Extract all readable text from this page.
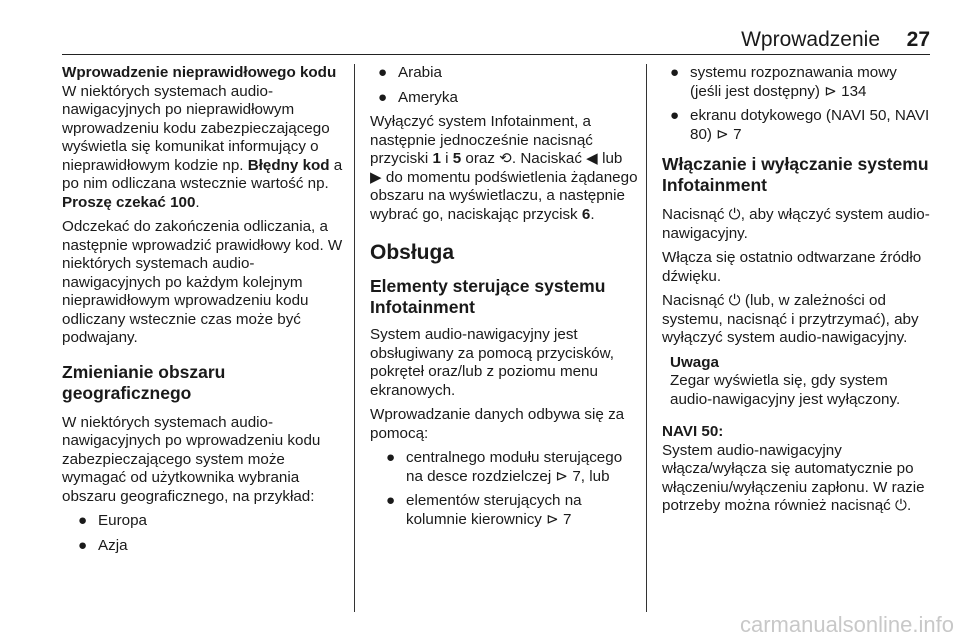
Wprowadzenie 27
Wprowadzenie nieprawidłowego kodu

W niektórych systemach audio-nawigacyjnych po nieprawidłowym wprowadzeniu kodu zabezpieczającego wyświetla się komunikat informujący o nieprawidłowym kodzie np. Błędny kod a po nim odliczana wstecznie wartość np. Proszę czekać 100.

Odczekać do zakończenia odliczania, a następnie wprowadzić prawidłowy kod. W niektórych systemach audio-nawigacyjnych po każdym kolejnym nieprawidłowym wprowadzeniu kodu odliczany wstecznie czas może być podwajany.

Zmienianie obszaru geograficznego

W niektórych systemach audio-nawigacyjnych po wprowadzeniu kodu zabezpieczającego system może wymagać od użytkownika wybrania obszaru geograficznego, na przykład:

● Europa
● Azja
● Arabia
● Ameryka

Wyłączyć system Infotainment, a następnie jednocześnie nacisnąć przyciski 1 i 5 oraz ⟲. Naciskać ◀ lub ▶ do momentu podświetlenia żądanego obszaru na wyświetlaczu, a następnie wybrać go, naciskając przycisk 6.

Obsługa
Elementy sterujące systemu Infotainment

System audio-nawigacyjny jest obsługiwany za pomocą przycisków, pokręteł oraz/lub z poziomu menu ekranowych.

Wprowadzanie danych odbywa się za pomocą:

● centralnego modułu sterującego na desce rozdzielczej ⊳ 7, lub
● elementów sterujących na kolumnie kierownicy ⊳ 7
● systemu rozpoznawania mowy (jeśli jest dostępny) ⊳ 134
● ekranu dotykowego (NAVI 50, NAVI 80) ⊳ 7
Włączanie i wyłączanie systemu Infotainment

Nacisnąć ⏻, aby włączyć system audio-nawigacyjny.

Włącza się ostatnio odtwarzane źródło dźwięku.

Nacisnąć ⏻ (lub, w zależności od systemu, nacisnąć i przytrzymać), aby wyłączyć system audio-nawigacyjny.

Uwaga
Zegar wyświetla się, gdy system audio-nawigacyjny jest wyłączony.
NAVI 50:

System audio-nawigacyjny włącza/wyłącza się automatycznie po włączeniu/wyłączeniu zapłonu. W razie potrzeby można również nacisnąć ⏻.

carmanualsonline.info
